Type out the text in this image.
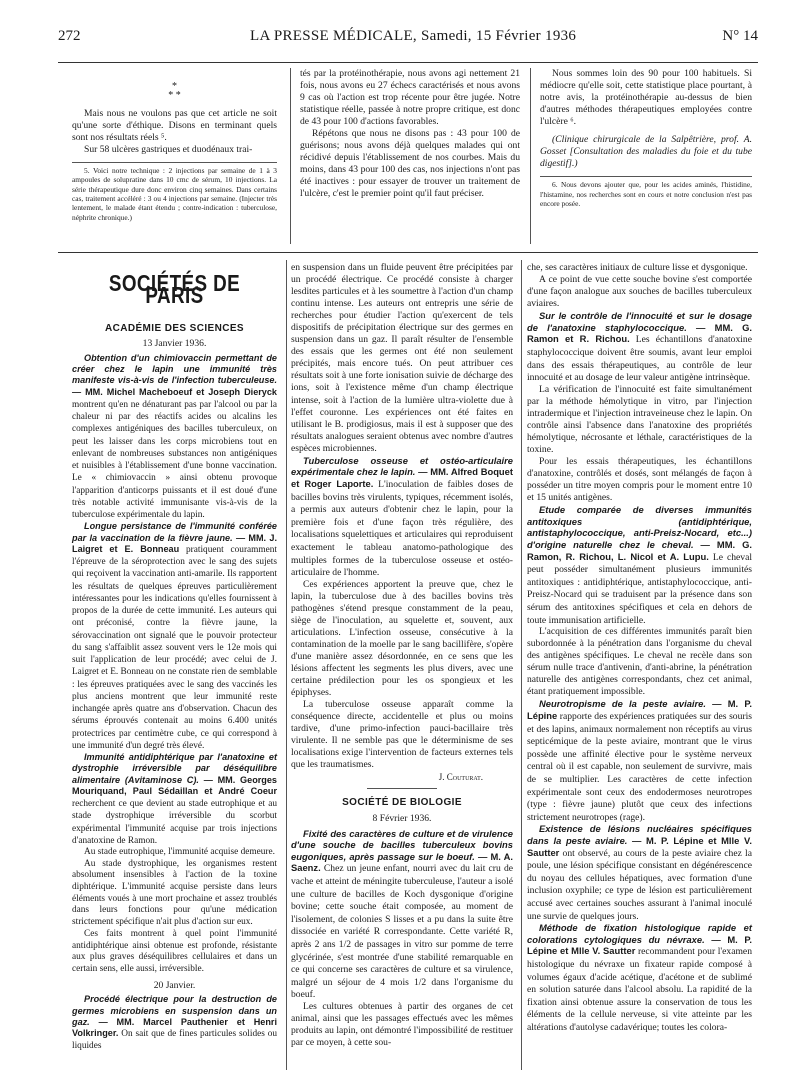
272	LA PRESSE MÉDICALE, Samedi, 15 Février 1936	N° 14
*
* *

Mais nous ne voulons pas que cet article ne soit qu'une sorte d'éthique. Disons en terminant quels sont nos résultats réels ⁵.

Sur 58 ulcères gastriques et duodénaux trai-

5. Voici notre technique : 2 injections par semaine de 1 à 3 ampoules de solupratine dans 10 cmc de sérum, 10 injections. La série thérapeutique dure donc environ cinq semaines. Dans certains cas, traitement accéléré : 3 ou 4 injections par semaine. (Injecter très lentement, le malade étant étendu ; contre-indication : tuberculose, néphrite chronique.)

tés par la protéinothérapie, nous avons agi nettement 21 fois, nous avons eu 27 échecs caractérisés et nous avons 9 cas où l'action est trop récente pour être jugée. Notre statistique réelle, passée à notre propre critique, est donc de 43 pour 100 d'actions favorables.

Répétons que nous ne disons pas : 43 pour 100 de guérisons; nous avons déjà quelques malades qui ont récidivé depuis l'établissement de nos courbes. Mais du moins, dans 43 pour 100 des cas, nos injections n'ont pas été inactives : pour essayer de trouver un traitement de l'ulcère, c'est le premier point qu'il faut préciser.

Nous sommes loin des 90 pour 100 habituels. Si médiocre qu'elle soit, cette statistique place pourtant, à notre avis, la protéinothérapie au-dessus de bien d'autres méthodes thérapeutiques employées contre l'ulcère ⁶.

(Clinique chirurgicale de la Salpêtrière, prof. A. Gosset [Consultation des maladies du foie et du tube digestif].)

6. Nous devons ajouter que, pour les acides aminés, l'histidine, l'histamine, nos recherches sont en cours et notre conclusion n'est pas encore posée.

SOCIÉTÉS DE PARIS
ACADÉMIE DES SCIENCES
13 Janvier 1936.

Obtention d'un chimiovaccin permettant de créer chez le lapin une immunité très manifeste vis-à-vis de l'infection tuberculeuse. — MM. Michel Macheboeuf et Joseph Dieryck montrent qu'en ne dénaturant pas par l'alcool ou par la chaleur ni par des réactifs acides ou alcalins les complexes antigéniques des bacilles tuberculeux, on peut les laisser dans les corps microbiens tout en enlevant de nombreuses substances non antigéniques et nuisibles à l'établissement d'une bonne vaccination. Le « chimiovaccin » ainsi obtenu provoque l'apparition d'anticorps puissants et il est doué d'une très notable activité immunisante vis-à-vis de la tuberculose expérimentale du lapin.

Longue persistance de l'immunité conférée par la vaccination de la fièvre jaune. — MM. J. Laigret et E. Bonneau pratiquent couramment l'épreuve de la séroprotection avec le sang des sujets qui reçoivent la vaccination anti-amarile. Ils rapportent les résultats de quelques épreuves particulièrement intéressantes pour les indications qu'elles fournissent à propos de la durée de cette immunité. Les auteurs qui ont préconisé, contre la fièvre jaune, la sérovaccination ont signalé que le pouvoir protecteur du sang s'affaiblit assez souvent vers le 12e mois qui suit l'application de leur procédé; avec celui de J. Laigret et E. Bonneau on ne constate rien de semblable : les épreuves pratiquées avec le sang des vaccinés les plus anciens montrent que leur immunité reste inchangée après quatre ans d'observation. Chacun des sérums éprouvés contenait au moins 6.400 unités protectrices par centimètre cube, ce qui correspond à une immunité d'un degré très élevé.

Immunité antidiphtérique par l'anatoxine et dystrophie irréversible par déséquilibre alimentaire (Avitaminose C). — MM. Georges Mouriquand, Paul Sédaillan et André Coeur recherchent ce que devient au stade eutrophique et au stade dystrophique irréversible du scorbut expérimental l'immunité acquise par trois injections d'anatoxine de Ramon.

Au stade eutrophique, l'immunité acquise demeure.

Au stade dystrophique, les organismes restent absolument insensibles à l'action de la toxine diphtérique. L'immunité acquise persiste dans leurs éléments voués à une mort prochaine et assez troublés dans leurs fonctions pour qu'une médication strictement spécifique n'ait plus d'action sur eux.

Ces faits montrent à quel point l'immunité antidiphtérique ainsi obtenue est profonde, résistante aux plus graves déséquilibres cellulaires et dans un certain sens, elle aussi, irréversible.

20 Janvier.

Procédé électrique pour la destruction de germes microbiens en suspension dans un gaz. — MM. Marcel Pauthenier et Henri Volkringer. On sait que de fines particules solides ou liquides

en suspension dans un fluide peuvent être précipitées par un procédé électrique. Ce procédé consiste à charger lesdites particules et à les soumettre à l'action d'un champ continu intense. Les auteurs ont entrepris une série de recherches pour étudier l'action qu'exercent de tels dispositifs de précipitation électrique sur des germes en suspension dans un gaz. Il paraît résulter de l'ensemble des essais que les germes ont été non seulement précipités, mais encore tués. On peut attribuer ces résultats soit à une forte ionisation suivie de décharge des ions, soit à l'existence même d'un champ électrique intense, soit à l'action de la lumière ultra-violette due à l'effet couronne. Les expériences ont été faites en utilisant le B. prodigiosus, mais il est à supposer que des résultats analogues seraient obtenus avec nombre d'autres espèces microbiennes.

Tuberculose osseuse et ostéo-articulaire expérimentale chez le lapin. — MM. Alfred Boquet et Roger Laporte. L'inoculation de faibles doses de bacilles bovins très virulents, typiques, récemment isolés, a permis aux auteurs d'obtenir chez le lapin, pour la première fois et d'une façon très régulière, des localisations squelettiques et articulaires qui reproduisent exactement le tableau anatomo-pathologique des multiples formes de la tuberculose osseuse et ostéo-articulaire de l'homme.

Ces expériences apportent la preuve que, chez le lapin, la tuberculose due à des bacilles bovins très pathogènes s'étend presque constamment de la peau, siège de l'inoculation, au squelette et, souvent, aux articulations. L'infection osseuse, consécutive à la contamination de la moelle par le sang bacillifère, s'opère d'une manière assez désordonnée, en ce sens que les lésions affectent les segments les plus divers, avec une certaine prédilection pour les os spongieux et les épiphyses.

La tuberculose osseuse apparaît comme la conséquence directe, accidentelle et plus ou moins tardive, d'une primo-infection pauci-bacillaire très virulente. Il ne semble pas que le déterminisme de ses localisations exige l'intervention de facteurs externes tels que les traumatismes.

J. Couturat.

SOCIÉTÉ DE BIOLOGIE
8 Février 1936.

Fixité des caractères de culture et de virulence d'une souche de bacilles tuberculeux bovins eugoniques, après passage sur le boeuf. — M. A. Saenz. Chez un jeune enfant, nourri avec du lait cru de vache et atteint de méningite tuberculeuse, l'auteur a isolé une culture de bacilles de Koch dysgonique d'origine bovine; cette souche était composée, au moment de l'isolement, de colonies S lisses et a pu dans la suite être dissociée en variété R correspondante. Cette variété R, après 2 ans 1/2 de passages in vitro sur pomme de terre glycérinée, s'est montrée d'une stabilité remarquable en ce qui concerne ses caractères de culture et sa virulence, malgré un séjour de 4 mois 1/2 dans l'organisme du boeuf.

Les cultures obtenues à partir des organes de cet animal, ainsi que les passages effectués avec les mêmes produits au lapin, ont démontré l'impossibilité de restituer par ce moyen, à cette sou-

che, ses caractères initiaux de culture lisse et dysgonique.

A ce point de vue cette souche bovine s'est comportée d'une façon analogue aux souches de bacilles tuberculeux aviaires.

Sur le contrôle de l'innocuité et sur le dosage de l'anatoxine staphylococcique. — MM. G. Ramon et R. Richou. Les échantillons d'anatoxine staphylococcique doivent être soumis, avant leur emploi dans des essais thérapeutiques, au contrôle de leur innocuité et au dosage de leur valeur antigène intrinsèque.

La vérification de l'innocuité est faite simultanément par la méthode hémolytique in vitro, par l'injection intradermique et l'injection intraveineuse chez le lapin. On contrôle ainsi l'absence dans l'anatoxine des propriétés hémolytique, nécrosante et léthale, caractéristiques de la toxine.

Pour les essais thérapeutiques, les échantillons d'anatoxine, contrôlés et dosés, sont mélangés de façon à posséder un titre moyen compris pour le moment entre 10 et 15 unités antigènes.

Etude comparée de diverses immunités antitoxiques (antidiphtérique, antistaphylococcique, anti-Preisz-Nocard, etc...) d'origine naturelle chez le cheval. — MM. G. Ramon, R. Richou, L. Nicol et A. Lupu. Le cheval peut posséder simultanément plusieurs immunités antitoxiques : antidiphtérique, antistaphylococcique, anti-Preisz-Nocard qui se traduisent par la présence dans son sérum des antitoxines spécifiques et cela en dehors de toute immunisation artificielle.

L'acquisition de ces différentes immunités paraît bien subordonnée à la pénétration dans l'organisme du cheval des antigènes spécifiques. Le cheval ne recèle dans son sérum nulle trace d'antivenin, d'anti-abrine, la pénétration naturelle des antigènes correspondants, chez cet animal, étant pratiquement impossible.

Neurotropisme de la peste aviaire. — M. P. Lépine rapporte des expériences pratiquées sur des souris et des lapins, animaux normalement non réceptifs au virus septicémique de la peste aviaire, montrant que le virus possède une affinité élective pour le système nerveux central où il est capable, non seulement de survivre, mais de se multiplier. Les caractères de cette infection expérimentale sont ceux des endodermoses neurotropes (type : fièvre jaune) plutôt que ceux des infections strictement neurotropes (rage).

Existence de lésions nucléaires spécifiques dans la peste aviaire. — M. P. Lépine et Mlle V. Sautter ont observé, au cours de la peste aviaire chez la poule, une lésion spécifique consistant en dégénérescence du noyau des cellules hépatiques, avec formation d'une inclusion oxyphile; ce type de lésion est particulièrement accusé avec certaines souches assurant à l'animal inoculé une survie de quelques jours.

Méthode de fixation histologique rapide et colorations cytologiques du névraxe. — M. P. Lépine et Mlle V. Sautter recommandent pour l'examen histologique du névraxe un fixateur rapide composé à volumes égaux d'acide acétique, d'acétone et de sublimé en solution saturée dans l'alcool absolu. La rapidité de la fixation ainsi obtenue assure la conservation de tous les éléments de la cellule nerveuse, si vite atteinte par les altérations d'autolyse cadavérique; toutes les colora-
